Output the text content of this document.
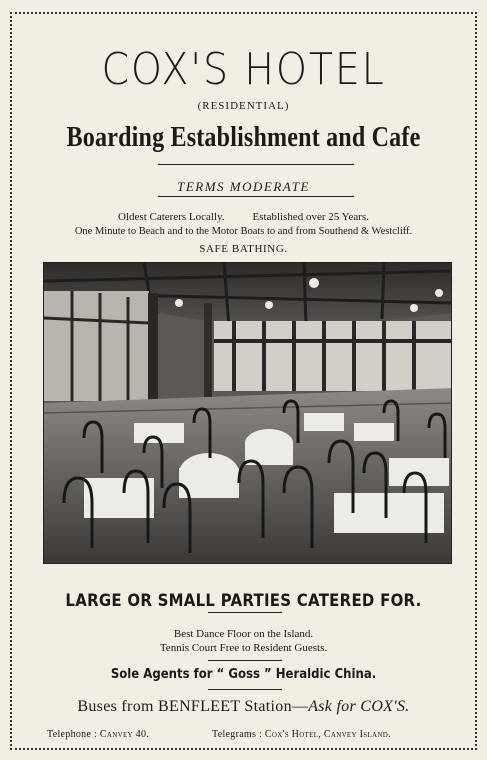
COX'S HOTEL
(RESIDENTIAL)
Boarding Establishment and Cafe
TERMS MODERATE
Oldest Caterers Locally.	Established over 25 Years.
One Minute to Beach and to the Motor Boats to and from Southend & Westcliff.
SAFE BATHING.
LARGE OR SMALL PARTIES CATERED FOR.
Best Dance Floor on the Island.
Tennis Court Free to Resident Guests.
Sole Agents for “ Goss ” Heraldic China.
Buses from BENFLEET Station—Ask for COX'S.
Telephone : Canvey 40.	Telegrams : Cox's Hotel, Canvey Island.
